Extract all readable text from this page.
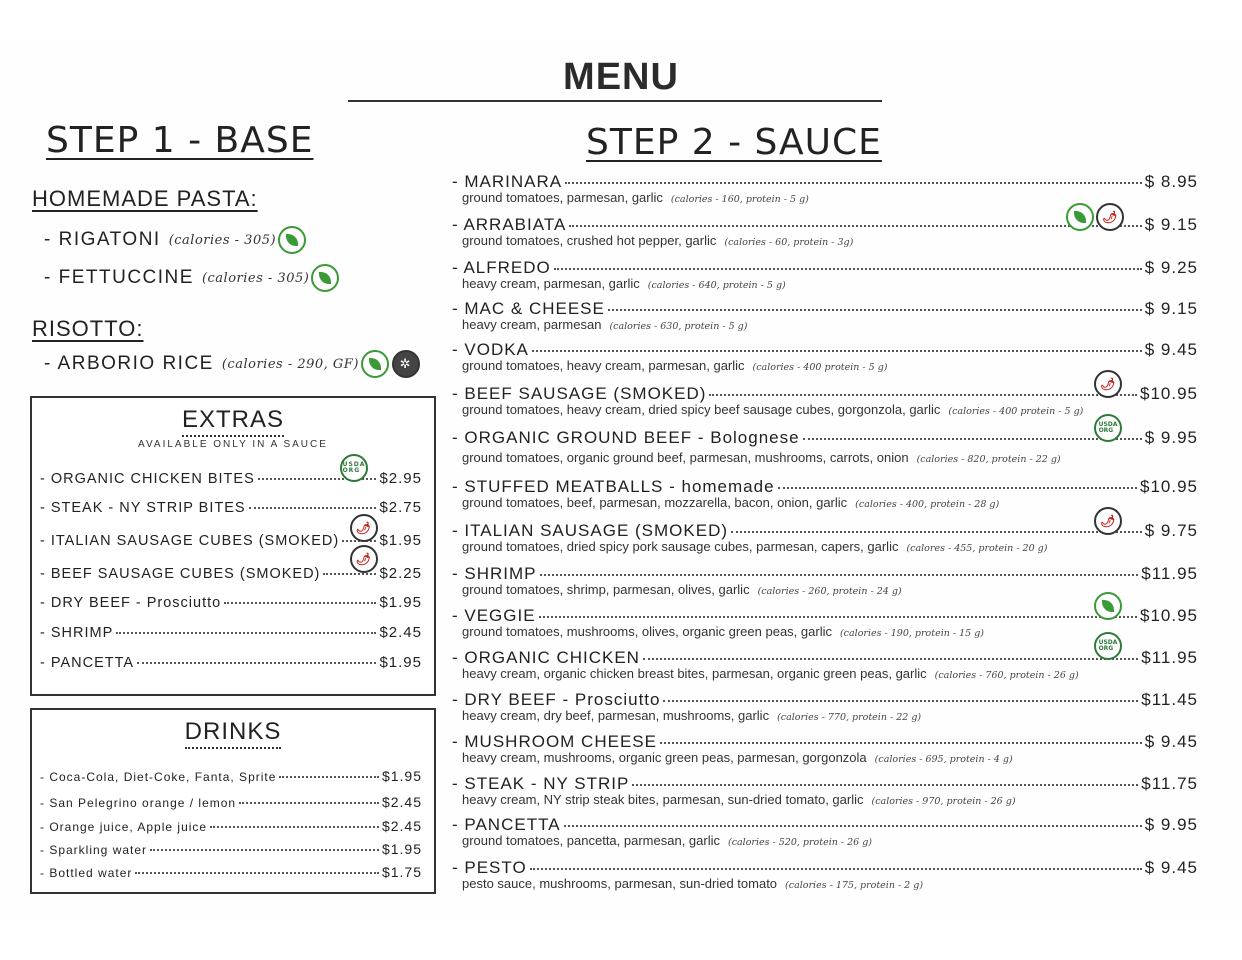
MENU
STEP 1 - BASE	STEP 2 - SAUCE
HOMEMADE PASTA:
- RIGATONI (calories - 305)
- FETTUCCINE (calories - 305)
RISOTTO:
- ARBORIO RICE (calories - 290, GF)
✲
EXTRAS
AVAILABLE ONLY IN A SAUCE
- ORGANIC CHICKEN BITES	$2.95
USDA
ORG
- STEAK - NY STRIP BITES	$2.75
- ITALIAN SAUSAGE CUBES (SMOKED)	$1.95
🌶
- BEEF SAUSAGE CUBES (SMOKED)	$2.25
🌶
- DRY BEEF - Prosciutto	$1.95
- SHRIMP	$2.45
- PANCETTA	$1.95
DRINKS
- Coca-Cola, Diet-Coke, Fanta, Sprite	$1.95
- San Pelegrino orange / lemon	$2.45
- Orange juice, Apple juice	$2.45
- Sparkling water	$1.95
- Bottled water	$1.75
- MARINARA	$ 8.95
ground tomatoes, parmesan, garlic (calories - 160, protein - 5 g)
- ARRABIATA	$ 9.15
ground tomatoes, crushed hot pepper, garlic (calories - 60, protein - 3g)
🌶
- ALFREDO	$ 9.25
heavy cream, parmesan, garlic (calories - 640, protein - 5 g)
- MAC & CHEESE	$ 9.15
heavy cream, parmesan (calories - 630, protein - 5 g)
- VODKA	$ 9.45
ground tomatoes, heavy cream, parmesan, garlic (calories - 400 protein - 5 g)
- BEEF SAUSAGE (SMOKED)	$10.95
ground tomatoes, heavy cream, dried spicy beef sausage cubes, gorgonzola, garlic (calories - 400 protein - 5 g)
🌶
- ORGANIC GROUND BEEF - Bolognese	$ 9.95
ground tomatoes, organic ground beef, parmesan, mushrooms, carrots, onion (calories - 820, protein - 22 g)
USDA
ORG
- STUFFED MEATBALLS - homemade	$10.95
ground tomatoes, beef, parmesan, mozzarella, bacon, onion, garlic (calories - 400, protein - 28 g)
- ITALIAN SAUSAGE (SMOKED)	$ 9.75
ground tomatoes, dried spicy pork sausage cubes, parmesan, capers, garlic (calores - 455, protein - 20 g)
🌶
- SHRIMP	$11.95
ground tomatoes, shrimp, parmesan, olives, garlic (calories - 260, protein - 24 g)
- VEGGIE	$10.95
ground tomatoes, mushrooms, olives, organic green peas, garlic (calories - 190, protein - 15 g)
- ORGANIC CHICKEN	$11.95
heavy cream, organic chicken breast bites, parmesan, organic green peas, garlic (calories - 760, protein - 26 g)
USDA
ORG
- DRY BEEF - Prosciutto	$11.45
heavy cream, dry beef, parmesan, mushrooms, garlic (calories - 770, protein - 22 g)
- MUSHROOM CHEESE	$ 9.45
heavy cream, mushrooms, organic green peas, parmesan, gorgonzola (calories - 695, protein - 4 g)
- STEAK - NY STRIP	$11.75
heavy cream, NY strip steak bites, parmesan, sun-dried tomato, garlic (calories - 970, protein - 26 g)
- PANCETTA	$ 9.95
ground tomatoes, pancetta, parmesan, garlic (calories - 520, protein - 26 g)
- PESTO	$ 9.45
pesto sauce, mushrooms, parmesan, sun-dried tomato (calories - 175, protein - 2 g)
